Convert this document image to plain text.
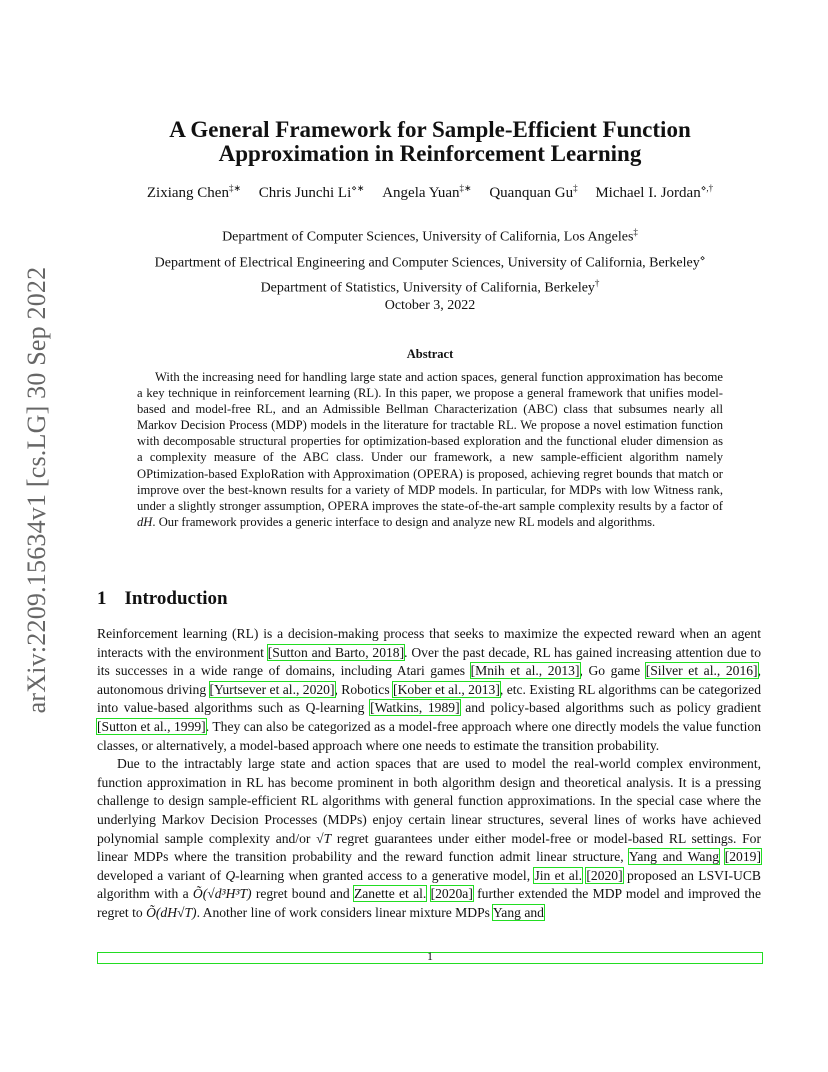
arXiv:2209.15634v1 [cs.LG] 30 Sep 2022
A General Framework for Sample-Efficient Function
Approximation in Reinforcement Learning
Zixiang Chen‡∗ Chris Junchi Li⋄∗ Angela Yuan‡∗ Quanquan Gu‡ Michael I. Jordan⋄,†
Department of Computer Sciences, University of California, Los Angeles‡
Department of Electrical Engineering and Computer Sciences, University of California, Berkeley⋄
Department of Statistics, University of California, Berkeley†
October 3, 2022
Abstract
With the increasing need for handling large state and action spaces, general function approximation has become a key technique in reinforcement learning (RL). In this paper, we propose a general framework that unifies model-based and model-free RL, and an Admissible Bellman Characterization (ABC) class that subsumes nearly all Markov Decision Process (MDP) models in the literature for tractable RL. We propose a novel estimation function with decomposable structural properties for optimization-based exploration and the functional eluder dimension as a complexity measure of the ABC class. Under our framework, a new sample-efficient algorithm namely OPtimization-based ExploRation with Approximation (OPERA) is proposed, achieving regret bounds that match or improve over the best-known results for a variety of MDP models. In particular, for MDPs with low Witness rank, under a slightly stronger assumption, OPERA improves the state-of-the-art sample complexity results by a factor of dH. Our framework provides a generic interface to design and analyze new RL models and algorithms.
1 Introduction

Reinforcement learning (RL) is a decision-making process that seeks to maximize the expected reward when an agent interacts with the environment [Sutton and Barto, 2018]. Over the past decade, RL has gained increasing attention due to its successes in a wide range of domains, including Atari games [Mnih et al., 2013], Go game [Silver et al., 2016], autonomous driving [Yurtsever et al., 2020], Robotics [Kober et al., 2013], etc. Existing RL algorithms can be categorized into value-based algorithms such as Q-learning [Watkins, 1989] and policy-based algorithms such as policy gradient [Sutton et al., 1999]. They can also be categorized as a model-free approach where one directly models the value function classes, or alternatively, a model-based approach where one needs to estimate the transition probability.

Due to the intractably large state and action spaces that are used to model the real-world complex environment, function approximation in RL has become prominent in both algorithm design and theoretical analysis. It is a pressing challenge to design sample-efficient RL algorithms with general function approximations. In the special case where the underlying Markov Decision Processes (MDPs) enjoy certain linear structures, several lines of works have achieved polynomial sample complexity and/or √T regret guarantees under either model-free or model-based RL settings. For linear MDPs where the transition probability and the reward function admit linear structure, Yang and Wang [2019] developed a variant of Q-learning when granted access to a generative model, Jin et al. [2020] proposed an LSVI-UCB algorithm with a Õ(√d³H³T) regret bound and Zanette et al. [2020a] further extended the MDP model and improved the regret to Õ(dH√T). Another line of work considers linear mixture MDPs Yang and

1
